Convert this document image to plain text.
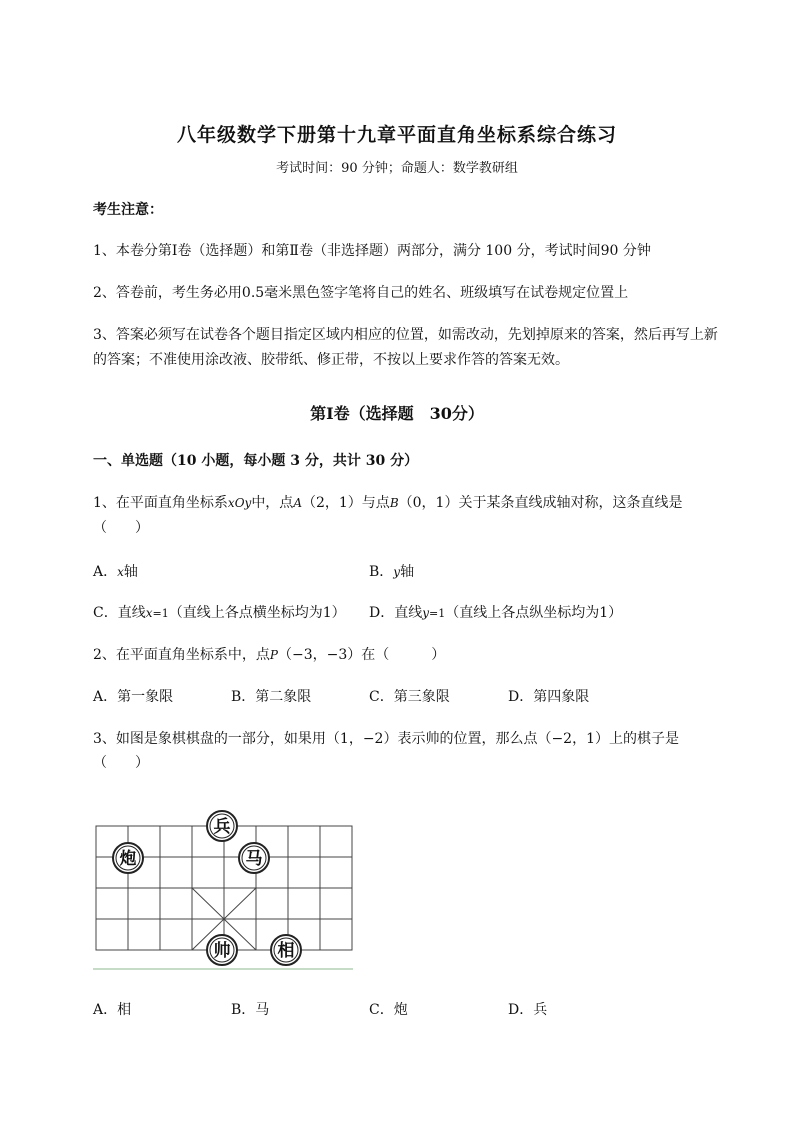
八年级数学下册第十九章平面直角坐标系综合练习
考试时间：90 分钟；命题人：数学教研组
考生注意：
1、本卷分第Ⅰ卷（选择题）和第Ⅱ卷（非选择题）两部分，满分 100 分，考试时间90 分钟
2、答卷前，考生务必用0.5毫米黑色签字笔将自己的姓名、班级填写在试卷规定位置上
3、答案必须写在试卷各个题目指定区域内相应的位置，如需改动，先划掉原来的答案，然后再写上新
的答案；不准使用涂改液、胶带纸、修正带，不按以上要求作答的答案无效。
第Ⅰ卷（选择题　30分）
一、单选题（10 小题，每小题 3 分，共计 30 分）
1、在平面直角坐标系xOy中，点A（2，1）与点B（0，1）关于某条直线成轴对称，这条直线是
（　　）
A．x轴	B．y轴
C．直线x=1（直线上各点横坐标均为1） D．直线y=1（直线上各点纵坐标均为1）
2、在平面直角坐标系中，点P（−3，−3）在（　　　）
A．第一象限	B．第二象限	C．第三象限	D．第四象限
3、如图是象棋棋盘的一部分，如果用（1，−2）表示帅的位置，那么点（−2，1）上的棋子是
（　　）
兵
炮	马
帅	相
A．相	B．马	C．炮	D．兵
